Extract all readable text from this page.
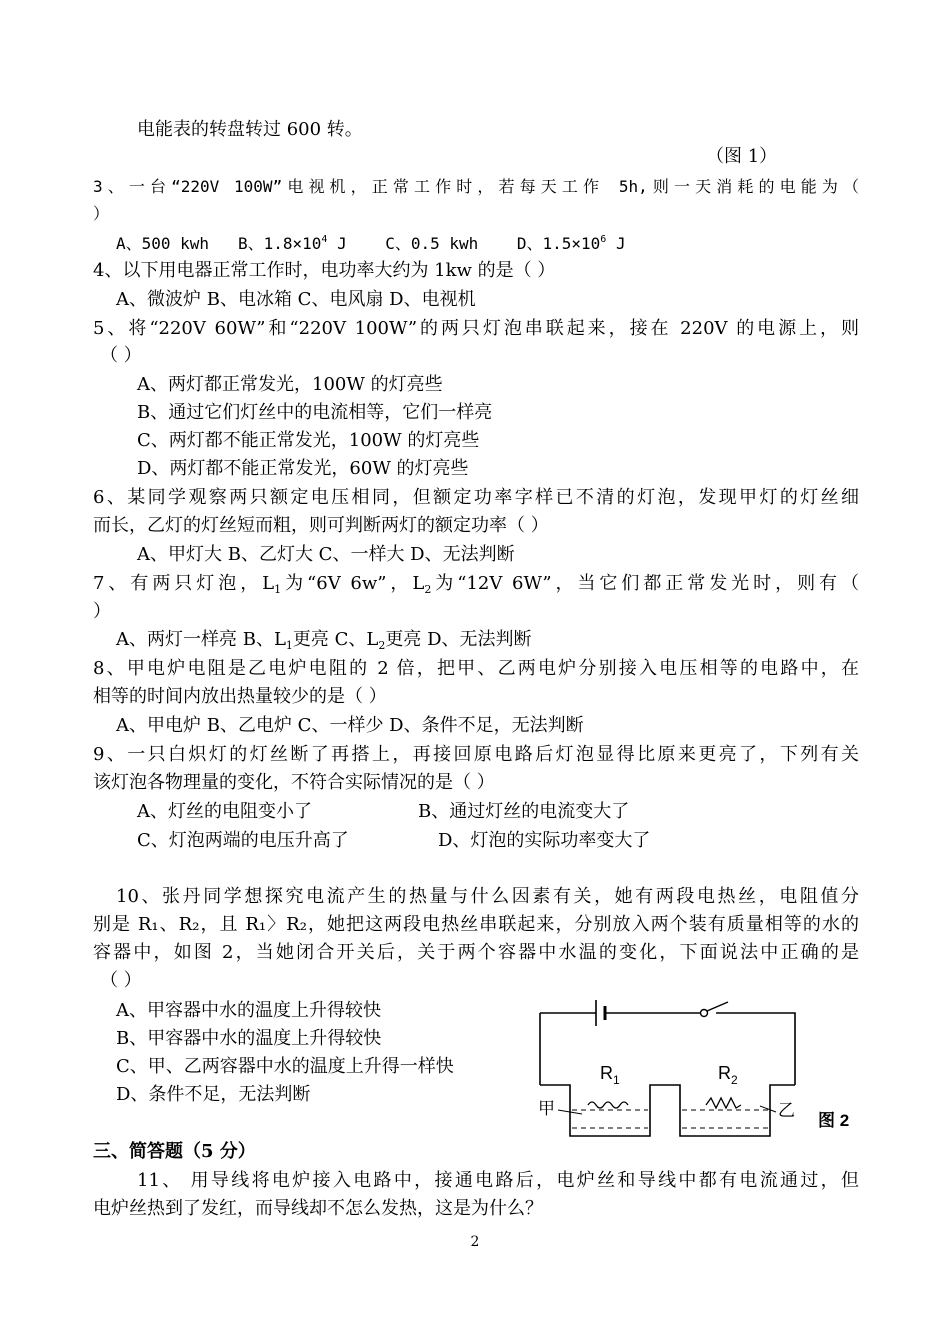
电能表的转盘转过 600 转。
（图 1）
3、一台“220V 100W”电视机，正常工作时，若每天工作 5h,则一天消耗的电能为（
）
A、500 kwh B、$1.8\times 10^4$ J C、0.5 kwh D、$1.5\times 10^6$ J
4、以下用电器正常工作时，电功率大约为 1kw 的是（ ）
A、微波炉 B、电冰箱 C、电风扇 D、电视机
5、将“220V 60W”和“220V 100W”的两只灯泡串联起来，接在 220V 的电源上，则
（ ）
A、两灯都正常发光，100W 的灯亮些
B、通过它们灯丝中的电流相等，它们一样亮
C、两灯都不能正常发光，100W 的灯亮些
D、两灯都不能正常发光，60W 的灯亮些
6、某同学观察两只额定电压相同，但额定功率字样已不清的灯泡，发现甲灯的灯丝细
而长，乙灯的灯丝短而粗，则可判断两灯的额定功率（ ）
A、甲灯大 B、乙灯大 C、一样大 D、无法判断
7、有两只灯泡，$L_1$为“6V 6w”，$L_2$为“12V 6W”，当它们都正常发光时，则有（
）
A、两灯一样亮 B、$L_1$更亮 C、$L_2$更亮 D、无法判断
8、甲电炉电阻是乙电炉电阻的 2 倍，把甲、乙两电炉分别接入电压相等的电路中，在
相等的时间内放出热量较少的是（ ）
A、甲电炉 B、乙电炉 C、一样少 D、条件不足，无法判断
9、一只白炽灯的灯丝断了再搭上，再接回原电路后灯泡显得比原来更亮了，下列有关
该灯泡各物理量的变化，不符合实际情况的是（ ）
A、灯丝的电阻变小了	B、通过灯丝的电流变大了
C、灯泡两端的电压升高了	D、灯泡的实际功率变大了
10、张丹同学想探究电流产生的热量与什么因素有关，她有两段电热丝，电阻值分
别是 R₁、R₂，且 R₁〉R₂，她把这两段电热丝串联起来，分别放入两个装有质量相等的水的
容器中，如图 2，当她闭合开关后，关于两个容器中水温的变化，下面说法中正确的是
（ ）
A、甲容器中水的温度上升得较快
B、甲容器中水的温度上升得较快
C、甲、乙两容器中水的温度上升得一样快
D、条件不足，无法判断
$R_1$	$R_2$
甲	乙
图 2
三、简答题（5 分）
11、 用导线将电炉接入电路中，接通电路后，电炉丝和导线中都有电流通过，但
电炉丝热到了发红，而导线却不怎么发热，这是为什么？
2
